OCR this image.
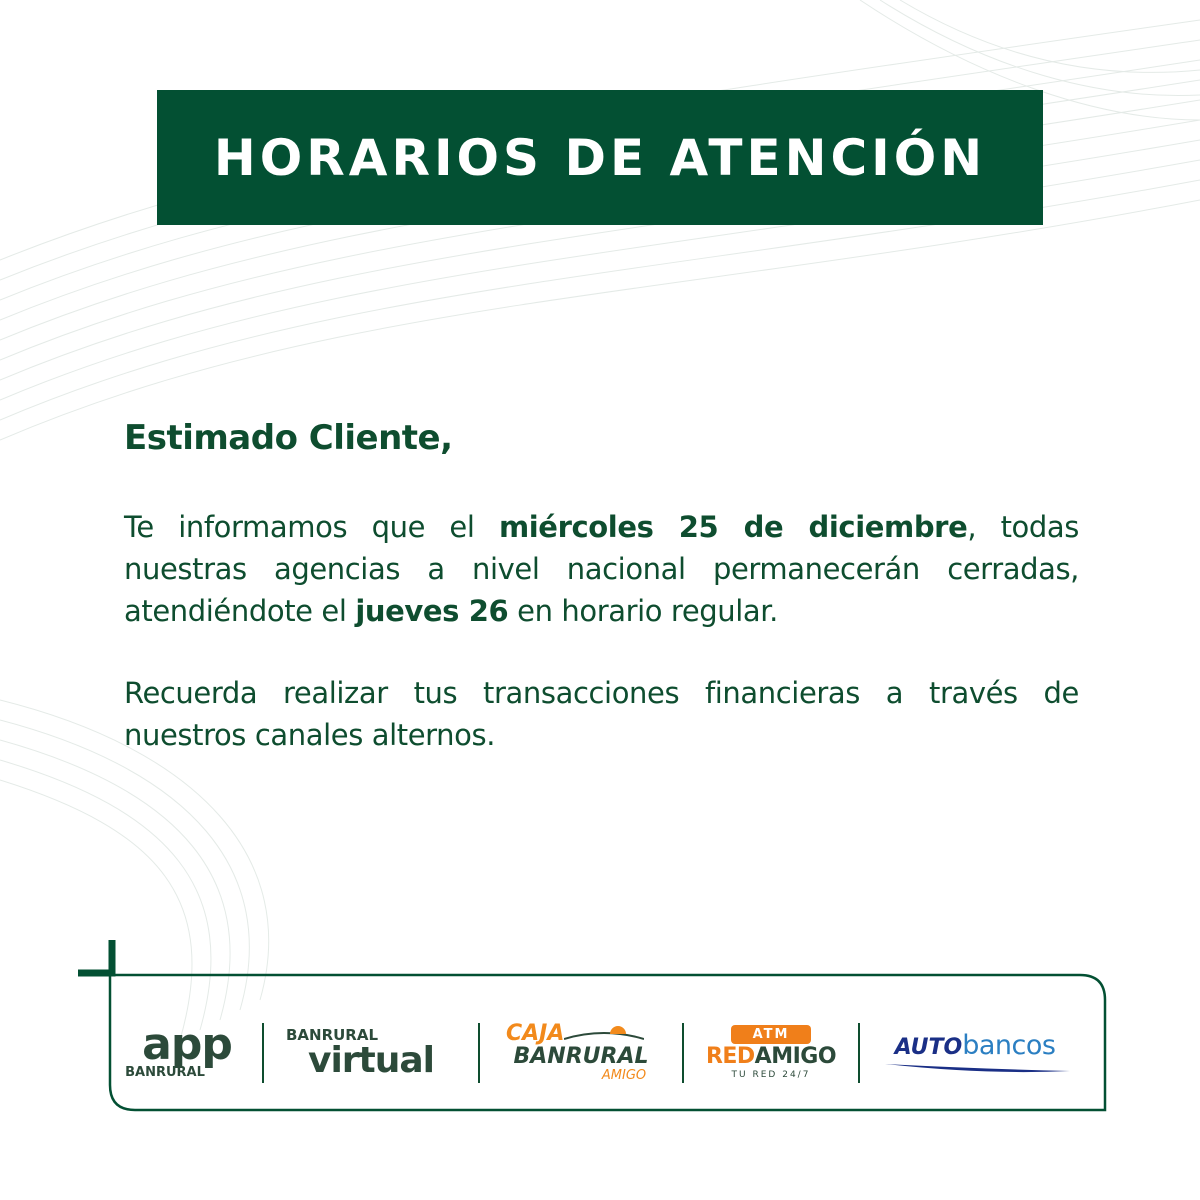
HORARIOS DE ATENCIÓN
Estimado Cliente,

Te informamos que el miércoles 25 de diciembre, todas nuestras agencias a nivel nacional permanecerán cerradas, atendiéndote el jueves 26 en horario regular.

Recuerda realizar tus transacciones financieras a través de nuestros canales alternos.

app
BANRURAL
BANRURAL
virtual
CAJA
BANRURAL
AMIGO
ATM
REDAMIGO
TU RED 24/7
AUTO bancos
